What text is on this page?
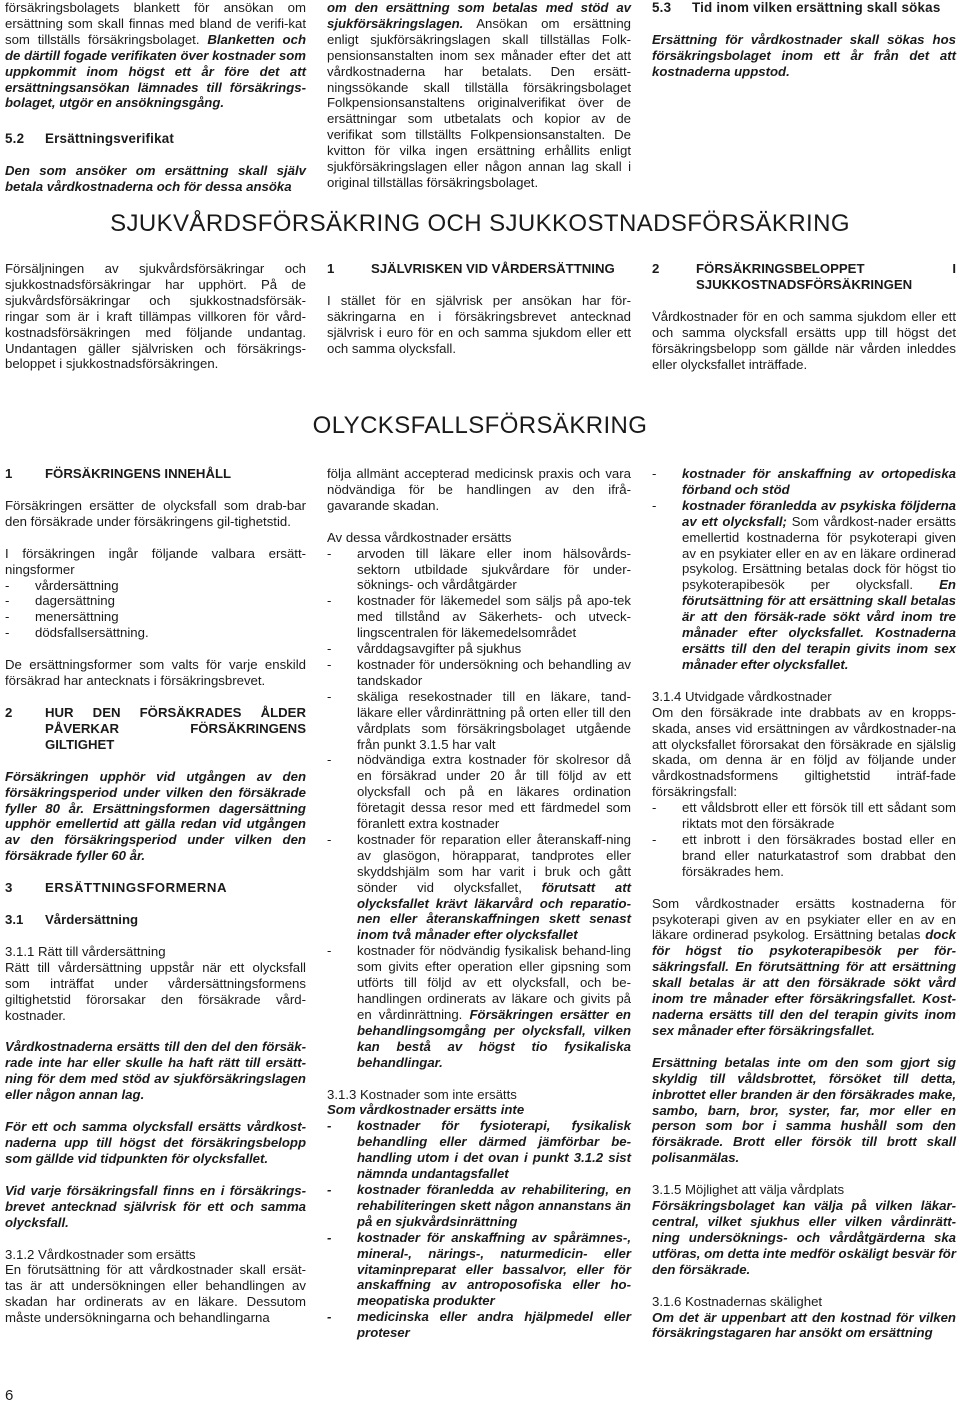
försäkringsbolagets blankett för ansökan om ersättning som skall finnas med bland de verifi-kat som tillställs försäkringsbolaget. Blanketten och de därtill fogade verifikaten över kostnader som uppkommit inom högst ett år före det att ersättningsansökan lämnades till försäkrings-bolaget, utgör en ansökningsgång.

5.2 Ersättningsverifikat

Den som ansöker om ersättning skall själv betala vårdkostnaderna och för dessa ansöka

om den ersättning som betalas med stöd av sjukförsäkringslagen. Ansökan om ersättning enligt sjukförsäkringslagen skall tillställas Folk-pensionsanstalten inom sex månader efter det att vårdkostnaderna har betalats. Den ersätt-ningssökande skall tillställa försäkringsbolaget Folkpensionsanstaltens originalverifikat över de ersättningar som utbetalats och kopior av de verifikat som tillställts Folkpensionsanstalten. De kvitton för vilka ingen ersättning erhållits enligt sjukförsäkringslagen eller någon annan lag skall i original tillställas försäkringsbolaget.

5.3	Tid inom vilken ersättning skall sökas

Ersättning för vårdkostnader skall sökas hos försäkringsbolaget inom ett år från det att kostnaderna uppstod.

SJUKVÅRDSFÖRSÄKRING OCH SJUKKOSTNADSFÖRSÄKRING

Försäljningen av sjukvårdsförsäkringar och sjukkostnadsförsäkringar har upphört. På de sjukvårdsförsäkringar och sjukkostnadsförsäk-ringar som är i kraft tillämpas villkoren för vård-kostnadsförsäkringen med följande undantag. Undantagen gäller självrisken och försäkrings-beloppet i sjukkostnadsförsäkringen.

1	SJÄLVRISKEN VID VÅRDERSÄTTNING

I stället för en självrisk per ansökan har för-säkringarna en i försäkringsbrevet antecknad självrisk i euro för en och samma sjukdom eller ett och samma olycksfall.

2	FÖRSÄKRINGSBELOPPET I SJUKKOSTNADSFÖRSÄKRINGEN

Vårdkostnader för en och samma sjukdom eller ett och samma olycksfall ersätts upp till högst det försäkringsbelopp som gällde när vården inleddes eller olycksfallet inträffade.

OLYCKSFALLSFÖRSÄKRING
1	FÖRSÄKRINGENS INNEHÅLL

Försäkringen ersätter de olycksfall som drab-bar den försäkrade under försäkringens gil-tighetstid.

I försäkringen ingår följande valbara ersätt-ningsformer

- vårdersättning
- dagersättning
- menersättning
- dödsfallsersättning.

De ersättningsformer som valts för varje enskild försäkrad har antecknats i försäkringsbrevet.

2	HUR DEN FÖRSÄKRADES ÅLDER PÅVERKAR FÖRSÄKRINGENS GILTIGHET

Försäkringen upphör vid utgången av den försäkringsperiod under vilken den försäkrade fyller 80 år. Ersättningsformen dagersättning upphör emellertid att gälla redan vid utgången av den försäkringsperiod under vilken den försäkrade fyller 60 år.

3	ERSÄTTNINGSFORMERNA
3.1	Vårdersättning

3.1.1 Rätt till vårdersättning

Rätt till vårdersättning uppstår när ett olycksfall som inträffat under vårdersättningsformens giltighetstid förorsakar den försäkrade vård-kostnader.

Vårdkostnaderna ersätts till den del den försäk-rade inte har eller skulle ha haft rätt till ersätt-ning för dem med stöd av sjukförsäkringslagen eller någon annan lag.

För ett och samma olycksfall ersätts vårdkost-naderna upp till högst det försäkringsbelopp som gällde vid tidpunkten för olycksfallet.

Vid varje försäkringsfall finns en i försäkrings-brevet antecknad självrisk för ett och samma olycksfall.

3.1.2 Vårdkostnader som ersätts

En förutsättning för att vårdkostnader skall ersät-tas är att undersökningen eller behandlingen av skadan har ordinerats av en läkare. Dessutom måste undersökningarna och behandlingarna

följa allmänt accepterad medicinsk praxis och vara nödvändiga för be handlingen av den ifrå-gavarande skadan.

Av dessa vårdkostnader ersätts

- arvoden till läkare eller inom hälsovårds-sektorn utbildade sjukvårdare för under-söknings- och vårdåtgärder
- kostnader för läkemedel som säljs på apo-tek med tillstånd av Säkerhets- och utveck-lingscentralen för läkemedelsområdet
- vårddagsavgifter på sjukhus
- kostnader för undersökning och behandling av tandskador
- skäliga resekostnader till en läkare, tand-läkare eller vårdinrättning på orten eller till den vårdplats som försäkringsbolaget utgående från punkt 3.1.5 har valt
- nödvändiga extra kostnader för skolresor då en försäkrad under 20 år till följd av ett olycksfall och på en läkares ordination företagit dessa resor med ett färdmedel som föranlett extra kostnader
- kostnader för reparation eller återanskaff-ning av glasögon, hörapparat, tandprotes eller skyddshjälm som har varit i bruk och gått sönder vid olycksfallet, förutsatt att olycksfallet krävt läkarvård och reparatio-nen eller återanskaffningen skett senast inom två månader efter olycksfallet
- kostnader för nödvändig fysikalisk behand-ling som givits efter operation eller gipsning som utförts till följd av ett olycksfall, och be-handlingen ordinerats av läkare och givits på en vårdinrättning. Försäkringen ersätter en behandlingsomgång per olycksfall, vilken kan bestå av högst tio fysikaliska behandlingar.

3.1.3 Kostnader som inte ersätts

Som vårdkostnader ersätts inte

- kostnader för fysioterapi, fysikalisk behandling eller därmed jämförbar be-handling utom i det ovan i punkt 3.1.2 sist nämnda undantagsfallet
- kostnader föranledda av rehabilitering, en rehabiliteringen skett någon annanstans än på en sjukvårdsinrättning
- kostnader för anskaffning av spårämnes-, mineral-, närings-, naturmedicin- eller vitaminpreparat eller bassalvor, eller för anskaffning av antroposofiska eller ho-meopatiska produkter
- medicinska eller andra hjälpmedel eller proteser
- kostnader för anskaffning av ortopediska förband och stöd
- kostnader föranledda av psykiska följderna av ett olycksfall; Som vårdkost-nader ersätts emellertid kostnaderna för psykoterapi given av en psykiater eller en av en läkare ordinerad psykolog. Ersättning betalas dock för högst tio psykoterapibesök per olycksfall. En förutsättning för att ersättning skall betalas är att den försäk-rade sökt vård inom tre månader efter olycksfallet. Kostnaderna ersätts till den del terapin givits inom sex månader efter olycksfallet.

3.1.4 Utvidgade vårdkostnader

Om den försäkrade inte drabbats av en kropps-skada, anses vid ersättningen av vårdkostnader-na att olycksfallet förorsakat den försäkrade en själslig skada, om denna är en följd av följande under vårdkostnadsformens giltighetstid inträf-fade försäkringsfall:

- ett våldsbrott eller ett försök till ett sådant som riktats mot den försäkrade
- ett inbrott i den försäkrades bostad eller en brand eller naturkatastrof som drabbat den försäkrades hem.

Som vårdkostnader ersätts kostnaderna för psykoterapi given av en psykiater eller en av en läkare ordinerad psykolog. Ersättning betalas dock för högst tio psykoterapibesök per för-säkringsfall. En förutsättning för att ersättning skall betalas är att den försäkrade sökt vård inom tre månader efter försäkringsfallet. Kost-naderna ersätts till den del terapin givits inom sex månader efter försäkringsfallet.

Ersättning betalas inte om den som gjort sig skyldig till våldsbrottet, försöket till detta, inbrottet eller branden är den försäkrades make, sambo, barn, bror, syster, far, mor eller en person som bor i samma hushåll som den försäkrade. Brott eller försök till brott skall polisanmälas.

3.1.5 Möjlighet att välja vårdplats

Försäkringsbolaget kan välja på vilken läkar-central, vilket sjukhus eller vilken vårdinrätt-ning undersöknings- och vårdåtgärderna ska utföras, om detta inte medför oskäligt besvär för den försäkrade.

3.1.6 Kostnadernas skälighet

Om det är uppenbart att den kostnad för vilken försäkringstagaren har ansökt om ersättning

6
